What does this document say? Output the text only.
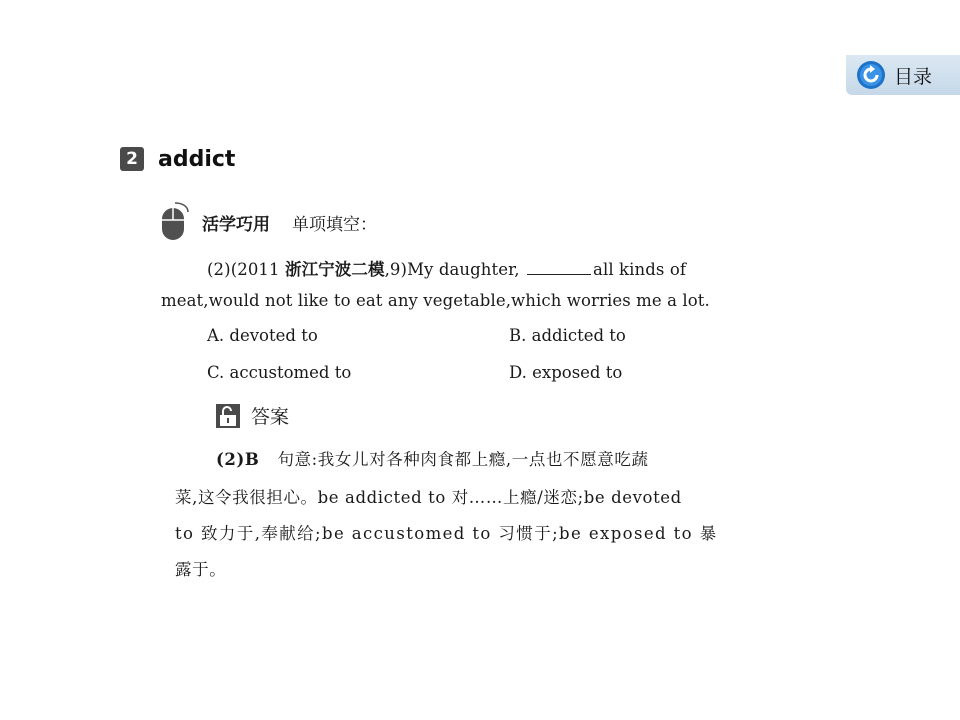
目录
2 addict
活学巧用 单项填空：
(2)(2011 浙江宁波二模,9)My daughter,	all kinds of
meat,would not like to eat any vegetable,which worries me a lot.
A. devoted to	B. addicted to
C. accustomed to	D. exposed to
答案
(2)B 句意:我女儿对各种肉食都上瘾,一点也不愿意吃蔬
菜,这令我很担心。be addicted to 对……上瘾/迷恋;be devoted
to 致力于,奉献给;be accustomed to 习惯于;be exposed to 暴
露于。
